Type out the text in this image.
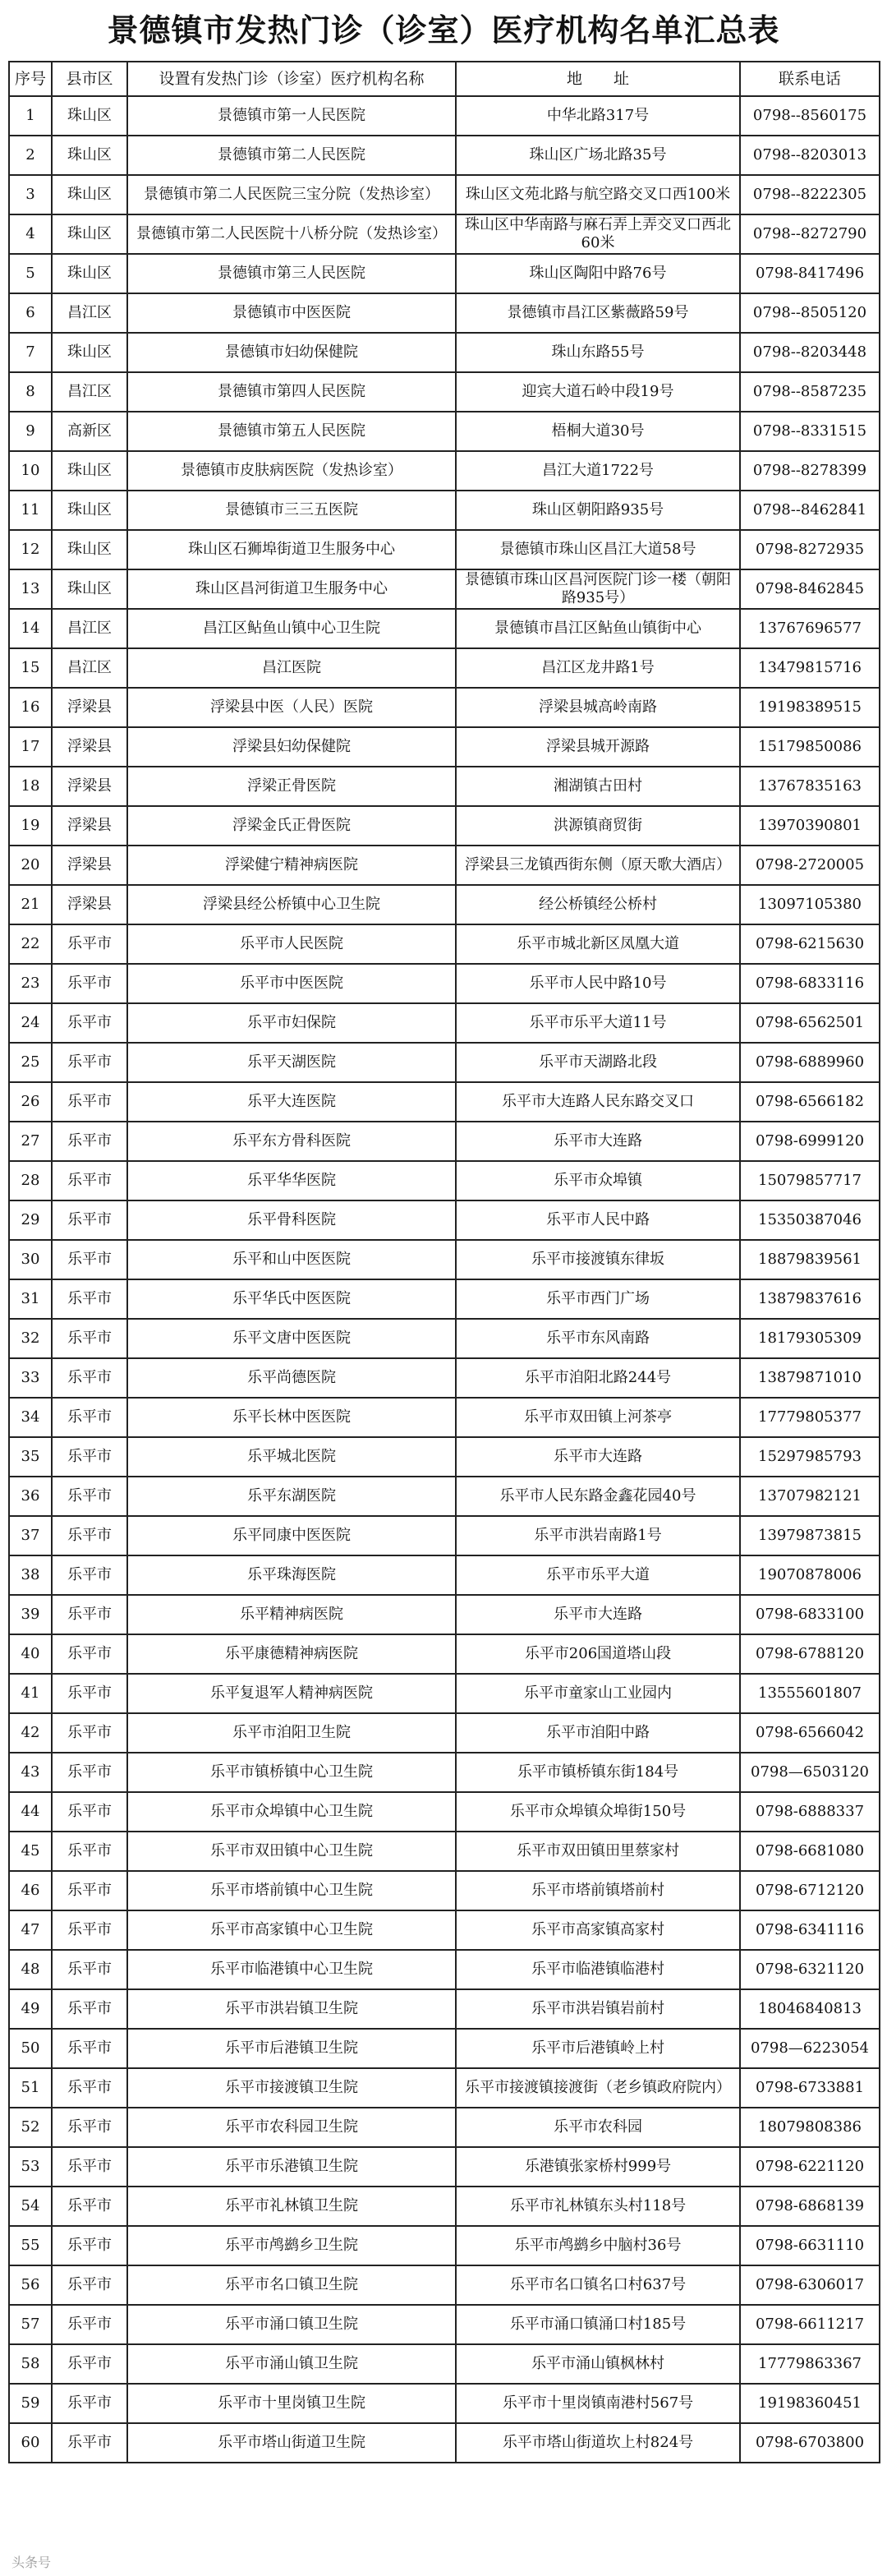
景德镇市发热门诊（诊室）医疗机构名单汇总表
序号	县市区	设置有发热门诊（诊室）医疗机构名称	地　　址	联系电话
1	珠山区	景德镇市第一人民医院	中华北路317号	0798--8560175
2	珠山区	景德镇市第二人民医院	珠山区广场北路35号	0798--8203013
3	珠山区	景德镇市第二人民医院三宝分院（发热诊室）	珠山区文苑北路与航空路交叉口西100米	0798--8222305
4	珠山区	景德镇市第二人民医院十八桥分院（发热诊室）	珠山区中华南路与麻石弄上弄交叉口西北60米	0798--8272790
5	珠山区	景德镇市第三人民医院	珠山区陶阳中路76号	0798-8417496
6	昌江区	景德镇市中医医院	景德镇市昌江区紫薇路59号	0798--8505120
7	珠山区	景德镇市妇幼保健院	珠山东路55号	0798--8203448
8	昌江区	景德镇市第四人民医院	迎宾大道石岭中段19号	0798--8587235
9	高新区	景德镇市第五人民医院	梧桐大道30号	0798--8331515
10	珠山区	景德镇市皮肤病医院（发热诊室）	昌江大道1722号	0798--8278399
11	珠山区	景德镇市三三五医院	珠山区朝阳路935号	0798--8462841
12	珠山区	珠山区石狮埠街道卫生服务中心	景德镇市珠山区昌江大道58号	0798-8272935
13	珠山区	珠山区昌河街道卫生服务中心	景德镇市珠山区昌河医院门诊一楼（朝阳路935号）	0798-8462845
14	昌江区	昌江区鲇鱼山镇中心卫生院	景德镇市昌江区鲇鱼山镇街中心	13767696577
15	昌江区	昌江医院	昌江区龙井路1号	13479815716
16	浮梁县	浮梁县中医（人民）医院	浮梁县城高岭南路	19198389515
17	浮梁县	浮梁县妇幼保健院	浮梁县城开源路	15179850086
18	浮梁县	浮梁正骨医院	湘湖镇古田村	13767835163
19	浮梁县	浮梁金氏正骨医院	洪源镇商贸街	13970390801
20	浮梁县	浮梁健宁精神病医院	浮梁县三龙镇西街东侧（原天歌大酒店）	0798-2720005
21	浮梁县	浮梁县经公桥镇中心卫生院	经公桥镇经公桥村	13097105380
22	乐平市	乐平市人民医院	乐平市城北新区凤凰大道	0798-6215630
23	乐平市	乐平市中医医院	乐平市人民中路10号	0798-6833116
24	乐平市	乐平市妇保院	乐平市乐平大道11号	0798-6562501
25	乐平市	乐平天湖医院	乐平市天湖路北段	0798-6889960
26	乐平市	乐平大连医院	乐平市大连路人民东路交叉口	0798-6566182
27	乐平市	乐平东方骨科医院	乐平市大连路	0798-6999120
28	乐平市	乐平华华医院	乐平市众埠镇	15079857717
29	乐平市	乐平骨科医院	乐平市人民中路	15350387046
30	乐平市	乐平和山中医医院	乐平市接渡镇东律坂	18879839561
31	乐平市	乐平华氏中医医院	乐平市西门广场	13879837616
32	乐平市	乐平文唐中医医院	乐平市东风南路	18179305309
33	乐平市	乐平尚德医院	乐平市洎阳北路244号	13879871010
34	乐平市	乐平长林中医医院	乐平市双田镇上河茶亭	17779805377
35	乐平市	乐平城北医院	乐平市大连路	15297985793
36	乐平市	乐平东湖医院	乐平市人民东路金鑫花园40号	13707982121
37	乐平市	乐平同康中医医院	乐平市洪岩南路1号	13979873815
38	乐平市	乐平珠海医院	乐平市乐平大道	19070878006
39	乐平市	乐平精神病医院	乐平市大连路	0798-6833100
40	乐平市	乐平康德精神病医院	乐平市206国道塔山段	0798-6788120
41	乐平市	乐平复退军人精神病医院	乐平市童家山工业园内	13555601807
42	乐平市	乐平市洎阳卫生院	乐平市洎阳中路	0798-6566042
43	乐平市	乐平市镇桥镇中心卫生院	乐平市镇桥镇东街184号	0798—6503120
44	乐平市	乐平市众埠镇中心卫生院	乐平市众埠镇众埠街150号	0798-6888337
45	乐平市	乐平市双田镇中心卫生院	乐平市双田镇田里蔡家村	0798-6681080
46	乐平市	乐平市塔前镇中心卫生院	乐平市塔前镇塔前村	0798-6712120
47	乐平市	乐平市高家镇中心卫生院	乐平市高家镇高家村	0798-6341116
48	乐平市	乐平市临港镇中心卫生院	乐平市临港镇临港村	0798-6321120
49	乐平市	乐平市洪岩镇卫生院	乐平市洪岩镇岩前村	18046840813
50	乐平市	乐平市后港镇卫生院	乐平市后港镇岭上村	0798—6223054
51	乐平市	乐平市接渡镇卫生院	乐平市接渡镇接渡街（老乡镇政府院内）	0798-6733881
52	乐平市	乐平市农科园卫生院	乐平市农科园	18079808386
53	乐平市	乐平市乐港镇卫生院	乐港镇张家桥村999号	0798-6221120
54	乐平市	乐平市礼林镇卫生院	乐平市礼林镇东头村118号	0798-6868139
55	乐平市	乐平市鸬鹚乡卫生院	乐平市鸬鹚乡中脑村36号	0798-6631110
56	乐平市	乐平市名口镇卫生院	乐平市名口镇名口村637号	0798-6306017
57	乐平市	乐平市涌口镇卫生院	乐平市涌口镇涌口村185号	0798-6611217
58	乐平市	乐平市涌山镇卫生院	乐平市涌山镇枫林村	17779863367
59	乐平市	乐平市十里岗镇卫生院	乐平市十里岗镇南港村567号	19198360451
60	乐平市	乐平市塔山街道卫生院	乐平市塔山街道坎上村824号	0798-6703800
头条号
